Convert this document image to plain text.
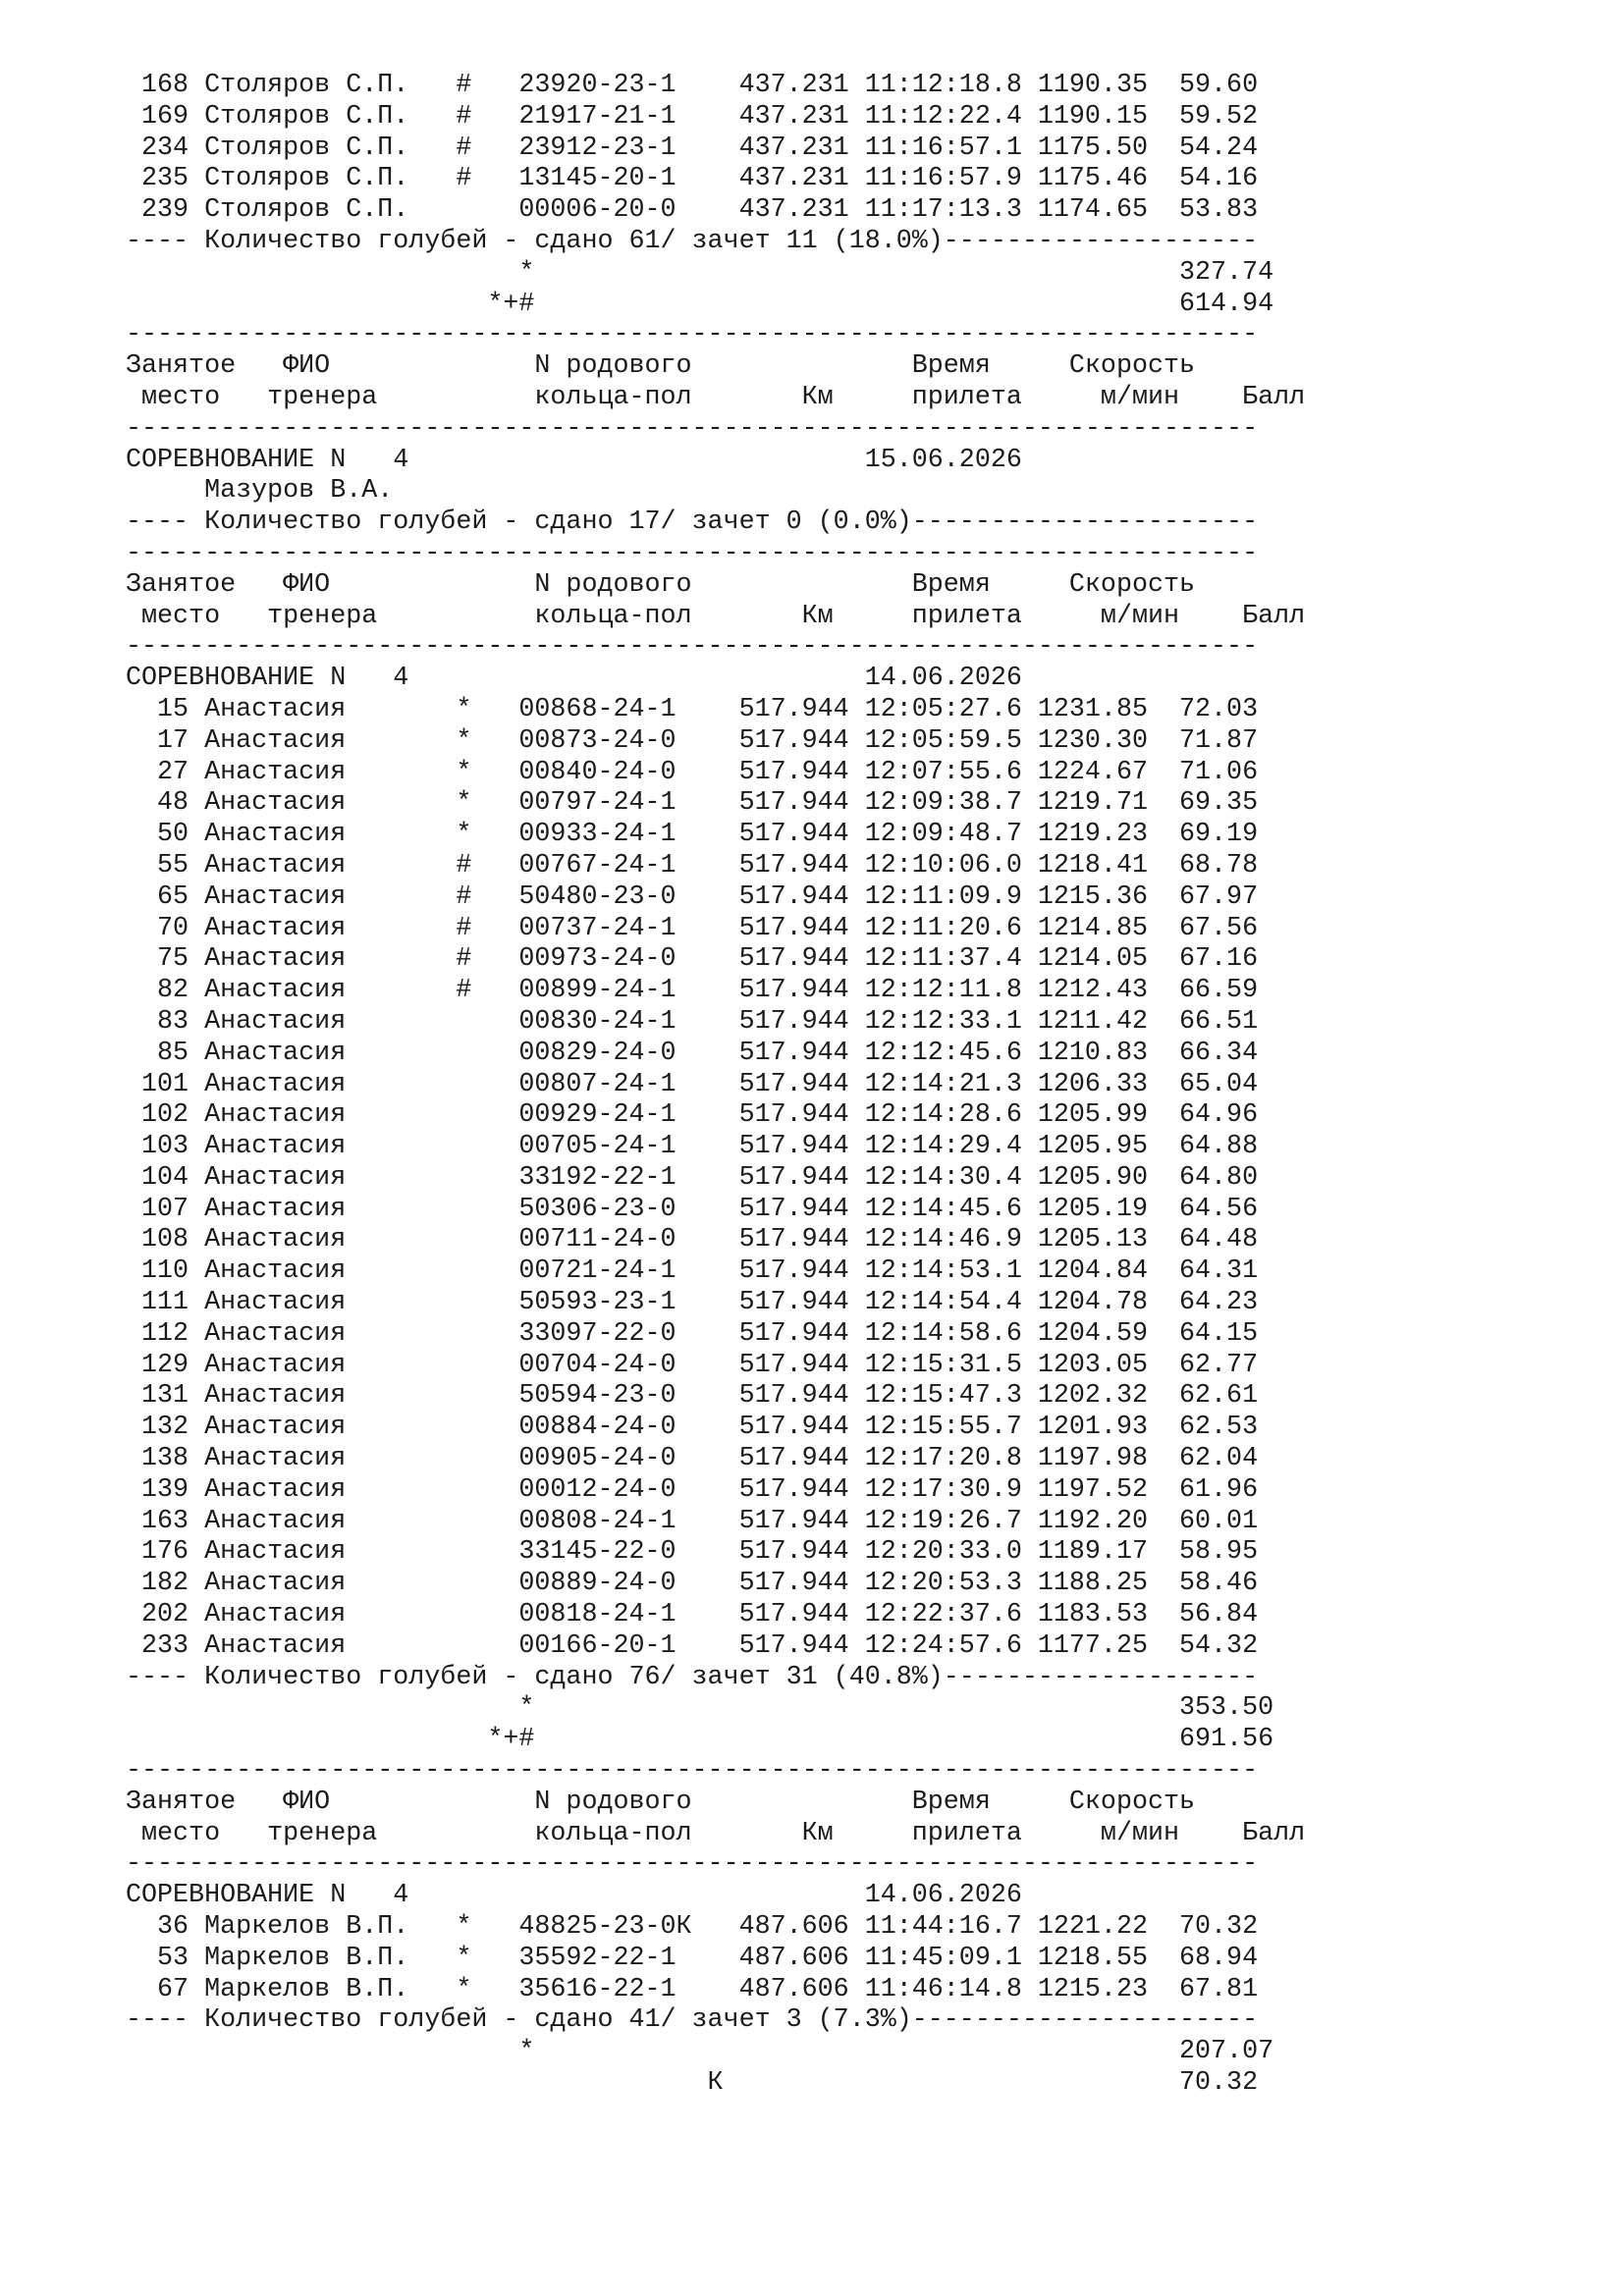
168 Столяров С.П.   #   23920-23-1    437.231 11:12:18.8 1190.35  59.60
169 Столяров С.П.   #   21917-21-1    437.231 11:12:22.4 1190.15  59.52
234 Столяров С.П.   #   23912-23-1    437.231 11:16:57.1 1175.50  54.24
235 Столяров С.П.   #   13145-20-1    437.231 11:16:57.9 1175.46  54.16
239 Столяров С.П.       00006-20-0    437.231 11:17:13.3 1174.65  53.83
---- Количество голубей - сдано 61/ зачет 11 (18.0%)--------------------
*                                         327.74
*+#                                         614.94
------------------------------------------------------------------------
Занятое   ФИО             N родового              Время     Скорость
место   тренера          кольца-пол       Км     прилета     м/мин    Балл
------------------------------------------------------------------------
СОРЕВНОВАНИЕ N   4                             15.06.2026
Мазуров В.А.
---- Количество голубей - сдано 17/ зачет 0 (0.0%)----------------------
------------------------------------------------------------------------
Занятое   ФИО             N родового              Время     Скорость
место   тренера          кольца-пол       Км     прилета     м/мин    Балл
------------------------------------------------------------------------
СОРЕВНОВАНИЕ N   4                             14.06.2026
15 Анастасия       *   00868-24-1    517.944 12:05:27.6 1231.85  72.03
17 Анастасия       *   00873-24-0    517.944 12:05:59.5 1230.30  71.87
27 Анастасия       *   00840-24-0    517.944 12:07:55.6 1224.67  71.06
48 Анастасия       *   00797-24-1    517.944 12:09:38.7 1219.71  69.35
50 Анастасия       *   00933-24-1    517.944 12:09:48.7 1219.23  69.19
55 Анастасия       #   00767-24-1    517.944 12:10:06.0 1218.41  68.78
65 Анастасия       #   50480-23-0    517.944 12:11:09.9 1215.36  67.97
70 Анастасия       #   00737-24-1    517.944 12:11:20.6 1214.85  67.56
75 Анастасия       #   00973-24-0    517.944 12:11:37.4 1214.05  67.16
82 Анастасия       #   00899-24-1    517.944 12:12:11.8 1212.43  66.59
83 Анастасия           00830-24-1    517.944 12:12:33.1 1211.42  66.51
85 Анастасия           00829-24-0    517.944 12:12:45.6 1210.83  66.34
101 Анастасия           00807-24-1    517.944 12:14:21.3 1206.33  65.04
102 Анастасия           00929-24-1    517.944 12:14:28.6 1205.99  64.96
103 Анастасия           00705-24-1    517.944 12:14:29.4 1205.95  64.88
104 Анастасия           33192-22-1    517.944 12:14:30.4 1205.90  64.80
107 Анастасия           50306-23-0    517.944 12:14:45.6 1205.19  64.56
108 Анастасия           00711-24-0    517.944 12:14:46.9 1205.13  64.48
110 Анастасия           00721-24-1    517.944 12:14:53.1 1204.84  64.31
111 Анастасия           50593-23-1    517.944 12:14:54.4 1204.78  64.23
112 Анастасия           33097-22-0    517.944 12:14:58.6 1204.59  64.15
129 Анастасия           00704-24-0    517.944 12:15:31.5 1203.05  62.77
131 Анастасия           50594-23-0    517.944 12:15:47.3 1202.32  62.61
132 Анастасия           00884-24-0    517.944 12:15:55.7 1201.93  62.53
138 Анастасия           00905-24-0    517.944 12:17:20.8 1197.98  62.04
139 Анастасия           00012-24-0    517.944 12:17:30.9 1197.52  61.96
163 Анастасия           00808-24-1    517.944 12:19:26.7 1192.20  60.01
176 Анастасия           33145-22-0    517.944 12:20:33.0 1189.17  58.95
182 Анастасия           00889-24-0    517.944 12:20:53.3 1188.25  58.46
202 Анастасия           00818-24-1    517.944 12:22:37.6 1183.53  56.84
233 Анастасия           00166-20-1    517.944 12:24:57.6 1177.25  54.32
---- Количество голубей - сдано 76/ зачет 31 (40.8%)--------------------
*                                         353.50
*+#                                         691.56
------------------------------------------------------------------------
Занятое   ФИО             N родового              Время     Скорость
место   тренера          кольца-пол       Км     прилета     м/мин    Балл
------------------------------------------------------------------------
СОРЕВНОВАНИЕ N   4                             14.06.2026
36 Маркелов В.П.   *   48825-23-0К   487.606 11:44:16.7 1221.22  70.32
53 Маркелов В.П.   *   35592-22-1    487.606 11:45:09.1 1218.55  68.94
67 Маркелов В.П.   *   35616-22-1    487.606 11:46:14.8 1215.23  67.81
---- Количество голубей - сдано 41/ зачет 3 (7.3%)----------------------
*                                         207.07
К                             70.32
